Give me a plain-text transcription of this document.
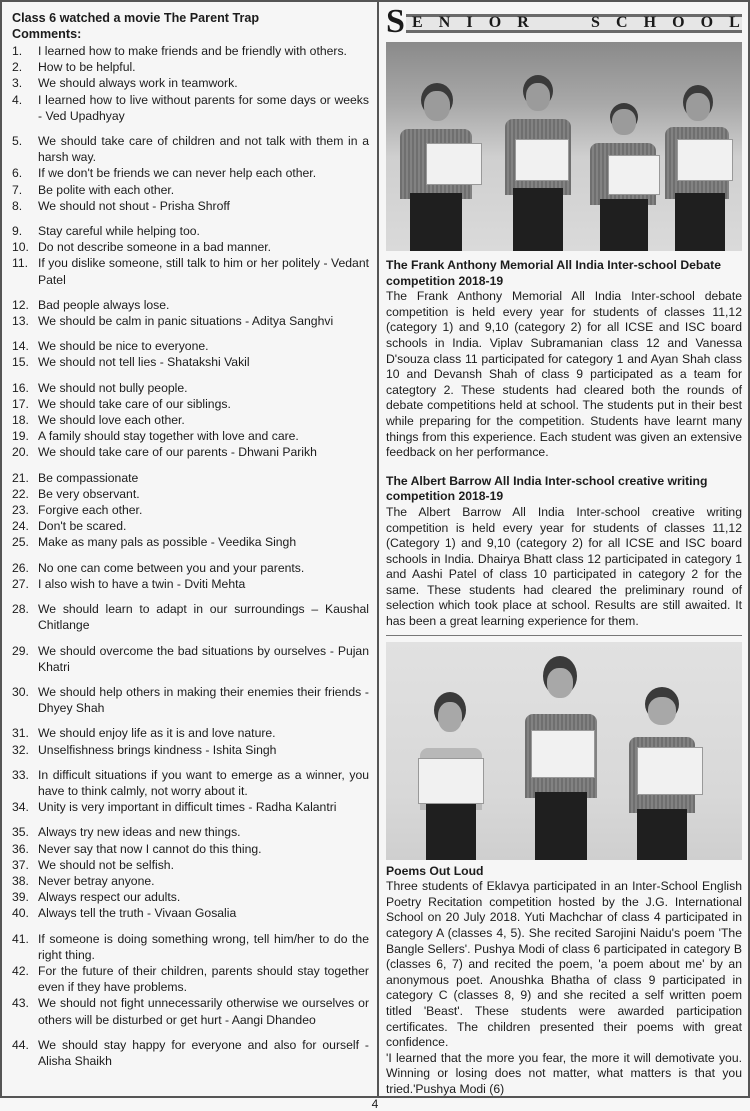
Class 6 watched a movie The Parent Trap
Comments:
1. I learned how to make friends and be friendly with others.
2. How to be helpful.
3. We should always work in teamwork.
4. I learned how to live without parents for some days or weeks - Ved Upadhyay
5. We should take care of children and not talk with them in a harsh way.
6. If we don't be friends we can never help each other.
7. Be polite with each other.
8. We should not shout - Prisha Shroff
9. Stay careful while helping too.
10. Do not describe someone in a bad manner.
11. If you dislike someone, still talk to him or her politely - Vedant Patel
12. Bad people always lose.
13. We should be calm in panic situations - Aditya Sanghvi
14. We should be nice to everyone.
15. We should not tell lies - Shatakshi Vakil
16. We should not bully people.
17. We should take care of our siblings.
18. We should love each other.
19. A family should stay together with love and care.
20. We should take care of our parents - Dhwani Parikh
21. Be compassionate
22. Be very observant.
23. Forgive each other.
24. Don't be scared.
25. Make as many pals as possible - Veedika Singh
26. No one can come between you and your parents.
27. I also wish to have a twin - Dviti Mehta
28. We should learn to adapt in our surroundings – Kaushal Chitlange
29. We should overcome the bad situations by ourselves - Pujan Khatri
30. We should help others in making their enemies their friends - Dhyey Shah
31. We should enjoy life as it is and love nature.
32. Unselfishness brings kindness - Ishita Singh
33. In difficult situations if you want to emerge as a winner, you have to think calmly, not worry about it.
34. Unity is very important in difficult times - Radha Kalantri
35. Always try new ideas and new things.
36. Never say that now I cannot do this thing.
37. We should not be selfish.
38. Never betray anyone.
39. Always respect our adults.
40. Always tell the truth - Vivaan Gosalia
41. If someone is doing something wrong, tell him/her to do the right thing.
42. For the future of their children, parents should stay together even if they have problems.
43. We should not fight unnecessarily otherwise we ourselves or others will be disturbed or get hurt - Aangi Dhandeo
44. We should stay happy for everyone and also for ourself - Alisha Shaikh
S E N I O R	S C H O O L
The Frank Anthony Memorial All India Inter-school Debate competition 2018-19

The Frank Anthony Memorial All India Inter-school debate competition is held every year for students of classes 11,12 (category 1) and 9,10 (category 2) for all ICSE and ISC board schools in India. Viplav Subramanian class 12 and Vanessa D'souza class 11 participated for category 1 and Ayan Shah class 10 and Devansh Shah of class 9 participated as a team for categtory 2. These students had cleared both the rounds of debate competitions held at school. The students put in their best while preparing for the competition. Students have learnt many things from this experience. Each student was given an extensive feedback on her performance.

The Albert Barrow All India Inter-school creative writing competition 2018-19

The Albert Barrow All India Inter-school creative writing competition is held every year for students of classes 11,12 (Category 1) and 9,10 (category 2) for all ICSE and ISC board schools in India. Dhairya Bhatt class 12 participated in category 1 and Aashi Patel of class 10 participated in category 2 for the same. These students had cleared the preliminary round of selection which took place at school. Results are still awaited. It has been a great learning experience for them.

Poems Out Loud

Three students of Eklavya participated in an Inter-School English Poetry Recitation competition hosted by the J.G. International School on 20 July 2018. Yuti Machchar of class 4 participated in category A (classes 4, 5). She recited Sarojini Naidu's poem 'The Bangle Sellers'. Pushya Modi of class 6 participated in category B (classes 6, 7) and recited the poem, 'a poem about me' by an anonymous poet. Anoushka Bhatha of class 9 participated in category C (classes 8, 9) and she recited a self written poem titled 'Beast'. These students were awarded participation certificates. The children presented their poems with great confidence.

'I learned that the more you fear, the more it will demotivate you. Winning or losing does not matter, what matters is that you tried.'Pushya Modi (6)

4
